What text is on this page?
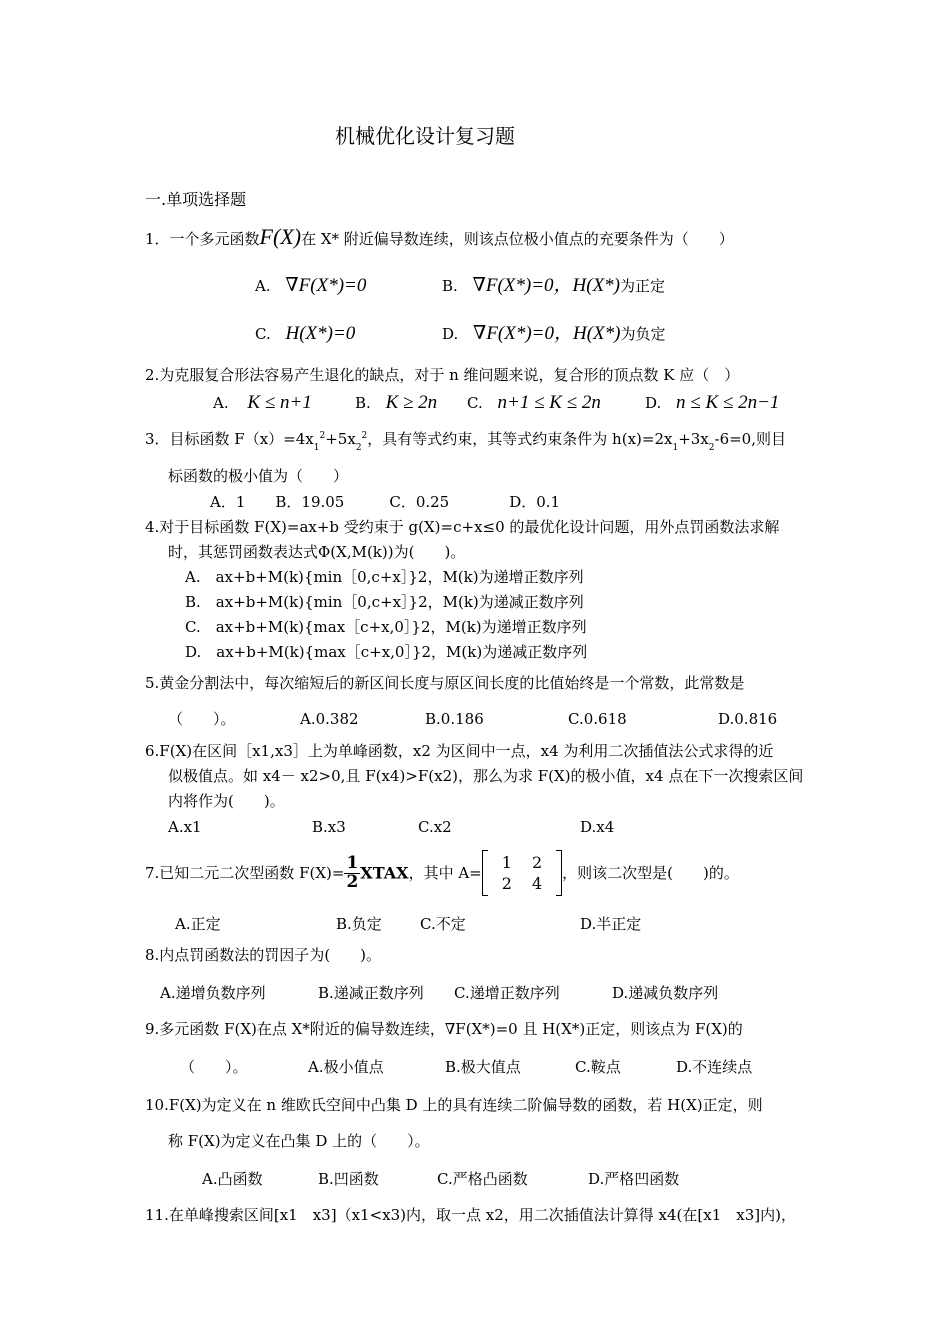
机械优化设计复习题
一.单项选择题
1．一个多元函数F(X)在 X* 附近偏导数连续，则该点位极小值点的充要条件为（　　）
A. ∇F(X*)=0	B. ∇F(X*)=0，H(X*)为正定
C. H(X*)=0	D. ∇F(X*)=0，H(X*)为负定
2.为克服复合形法容易产生退化的缺点，对于 n 维问题来说，复合形的顶点数 K 应（　）
A. K ≤ n+1	B. K ≥ 2n C. n+1 ≤ K ≤ 2n	D. n ≤ K ≤ 2n−1
3．目标函数 $F(x)=4x_1^2+5x_2^2$，具有等式约束，其等式约束条件为 $h(x)=2x_1+3x_2-6=0$,则目
标函数的极小值为（　　）
A．1　　B．19.05　　　C．0.25　　　　D．0.1
4.对于目标函数 F(X)=ax+b 受约束于 g(X)=c+x≤0 的最优化设计问题，用外点罚函数法求解
时，其惩罚函数表达式Φ(X,M(k))为(　　)。
A.　ax+b+M(k){min［0,c+x］}2，M(k)为递增正数序列
B.　ax+b+M(k){min［0,c+x］}2，M(k)为递减正数序列
C.　ax+b+M(k){max［c+x,0］}2，M(k)为递增正数序列
D.　ax+b+M(k){max［c+x,0］}2，M(k)为递减正数序列
5.黄金分割法中，每次缩短后的新区间长度与原区间长度的比值始终是一个常数，此常数是
（　　）。	A.0.382	B.0.186	C.0.618	D.0.816
6.F(X)在区间［x1,x3］上为单峰函数，x2 为区间中一点，x4 为利用二次插值法公式求得的近
似极值点。如 x4－ x2>0,且 F(x4)>F(x2)，那么为求 F(X)的极小值，x4 点在下一次搜索区间
内将作为(　　)。
A.x1	B.x3	C.x2	D.x4
7.已知二元二次型函数 $F(X)= \frac{1}{2}$ XTAX，其中 A=
1	2
2	4
，则该二次型是(　　)的。
A.正定	B.负定	C.不定	D.半正定
8.内点罚函数法的罚因子为(　　)。
A.递增负数序列	B.递减正数序列 C.递增正数序列	D.递减负数序列
9.多元函数 F(X)在点 X*附近的偏导数连续，∇F(X*)=0 且 H(X*)正定，则该点为 F(X)的
（　　）。	A.极小值点	B.极大值点	C.鞍点	D.不连续点
10.F(X)为定义在 n 维欧氏空间中凸集 D 上的具有连续二阶偏导数的函数，若 H(X)正定，则
称 F(X)为定义在凸集 D 上的（　　）。
A.凸函数	B.凹函数	C.严格凸函数	D.严格凹函数
11.在单峰搜索区间[x1　x3]（x1<x3)内，取一点 x2，用二次插值法计算得 x4(在[x1　x3]内)，
